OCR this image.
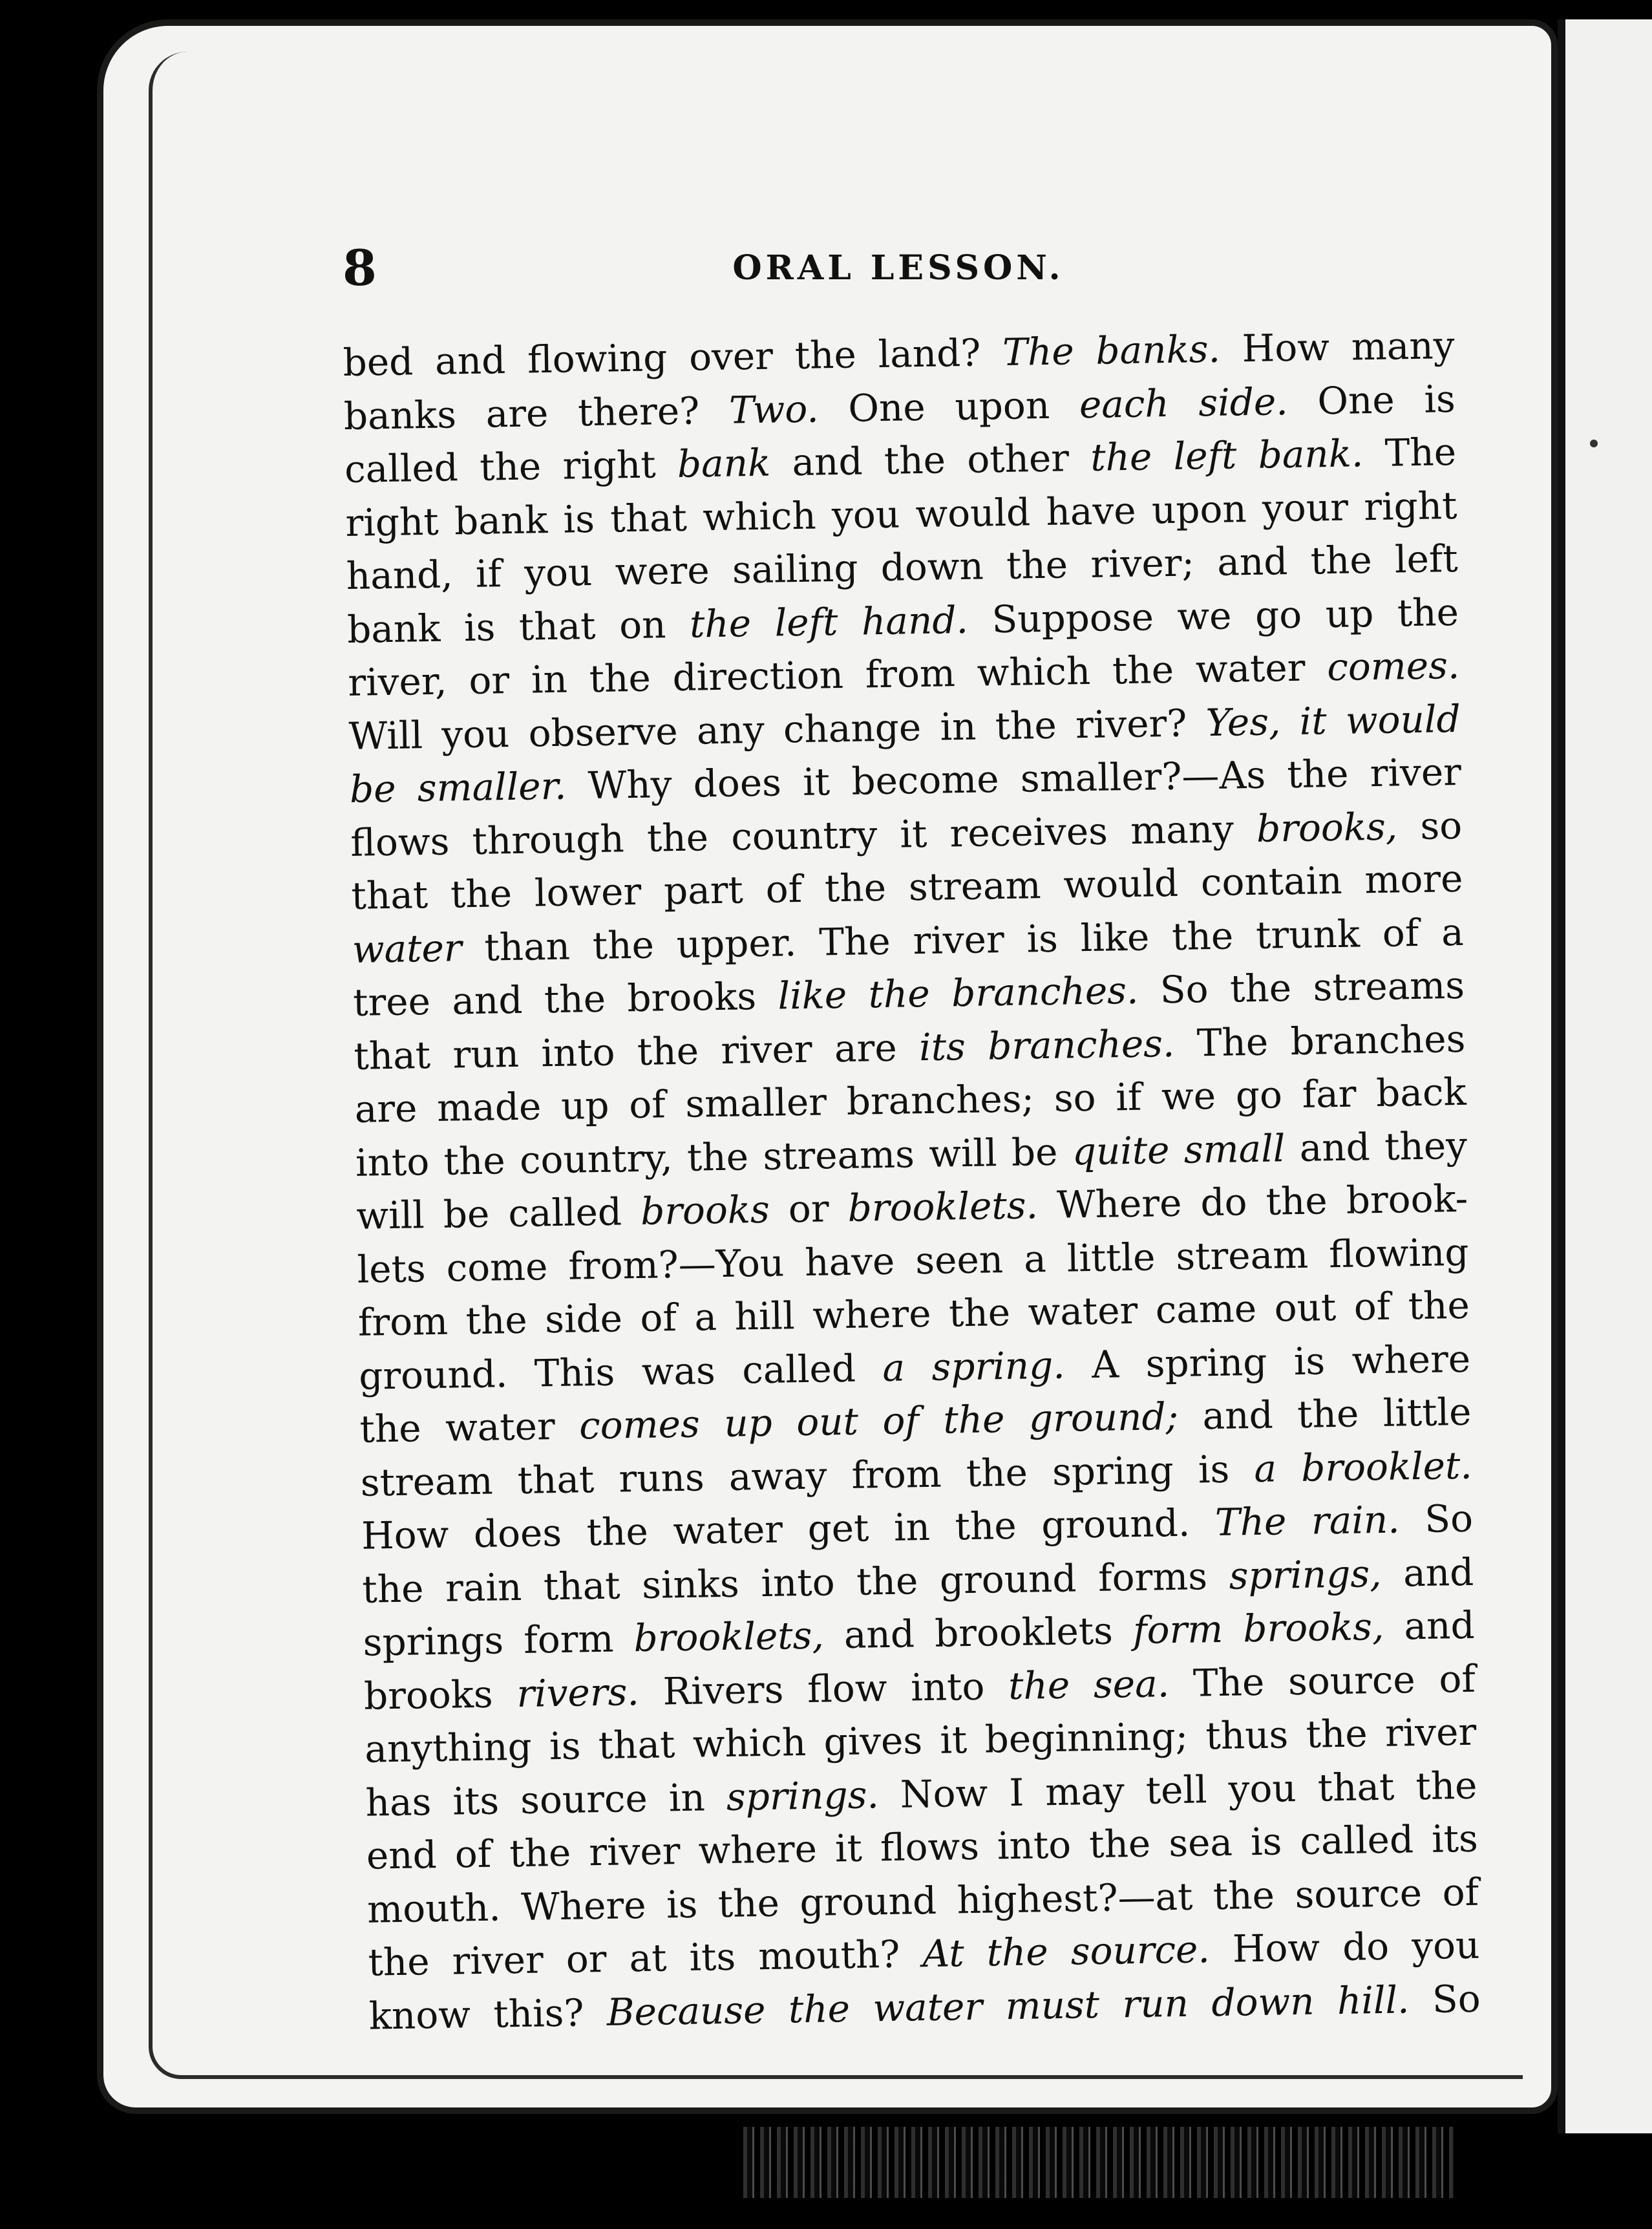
8	ORAL LESSON.
bed and flowing over the land? The banks. How many
banks are there? Two. One upon each side. One is
called the right bank and the other the left bank. The
right bank is that which you would have upon your right
hand, if you were sailing down the river; and the left
bank is that on the left hand. Suppose we go up the
river, or in the direction from which the water comes.
Will you observe any change in the river? Yes, it would
be smaller. Why does it become smaller?—As the river
flows through the country it receives many brooks, so
that the lower part of the stream would contain more
water than the upper. The river is like the trunk of a
tree and the brooks like the branches. So the streams
that run into the river are its branches. The branches
are made up of smaller branches; so if we go far back
into the country, the streams will be quite small and they
will be called brooks or brooklets. Where do the brook-
lets come from?—You have seen a little stream flowing
from the side of a hill where the water came out of the
ground. This was called a spring. A spring is where
the water comes up out of the ground; and the little
stream that runs away from the spring is a brooklet.
How does the water get in the ground. The rain. So
the rain that sinks into the ground forms springs, and
springs form brooklets, and brooklets form brooks, and
brooks rivers. Rivers flow into the sea. The source of
anything is that which gives it beginning; thus the river
has its source in springs. Now I may tell you that the
end of the river where it flows into the sea is called its
mouth. Where is the ground highest?—at the source of
the river or at its mouth? At the source. How do you
know this? Because the water must run down hill. So
